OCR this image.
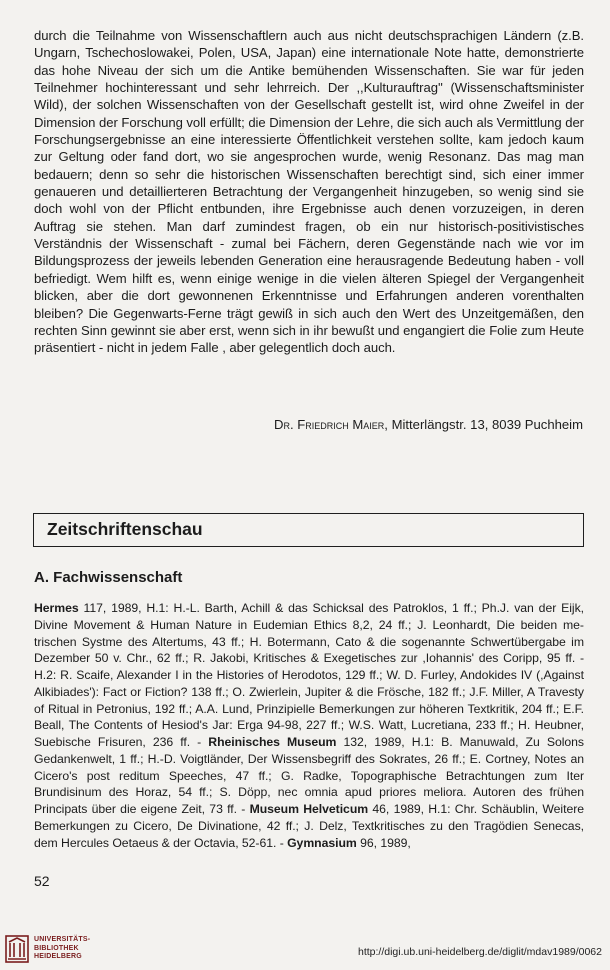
durch die Teilnahme von Wissenschaftlern auch aus nicht deutschsprachigen Ländern (z.B. Ungarn, Tschechoslowakei, Polen, USA, Japan) eine internationale Note hatte, demonstrierte das hohe Niveau der sich um die Antike bemühenden Wissenschaften. Sie war für jeden Teilnehmer hochinteressant und sehr lehrreich. Der ,,Kulturauftrag'' (Wissenschaftsminister Wild), der solchen Wissenschaften von der Gesellschaft gestellt ist, wird ohne Zweifel in der Dimension der Forschung voll erfüllt; die Dimension der Lehre, die sich auch als Vermittlung der Forschungsergebnisse an eine interessierte Öffentlichkeit verstehen sollte, kam jedoch kaum zur Geltung oder fand dort, wo sie angesprochen wurde, wenig Resonanz. Das mag man bedauern; denn so sehr die historischen Wissenschaften berechtigt sind, sich einer immer genaueren und detaillierteren Betrachtung der Vergangenheit hinzugeben, so wenig sind sie doch wohl von der Pflicht entbunden, ihre Ergebnisse auch denen vorzuzeigen, in deren Auftrag sie stehen. Man darf zumindest fragen, ob ein nur historisch-positivistisches Verständnis der Wissenschaft - zumal bei Fächern, deren Gegenstände nach wie vor im Bildungsprozess der jeweils lebenden Generation eine herausragende Bedeutung haben - voll befriedigt. Wem hilft es, wenn einige wenige in die vielen älteren Spiegel der Vergangenheit blicken, aber die dort gewonnenen Erkenntnisse und Erfahrungen anderen vorenthalten bleiben? Die Gegenwarts-Ferne trägt gewiß in sich auch den Wert des Unzeitgemäßen, den rechten Sinn gewinnt sie aber erst, wenn sich in ihr bewußt und engangiert die Folie zum Heute präsentiert - nicht in jedem Falle , aber gelegentlich doch auch.
Dr. Friedrich Maier, Mitterlängstr. 13, 8039 Puchheim
Zeitschriftenschau
A. Fachwissenschaft
Hermes 117, 1989, H.1: H.-L. Barth, Achill & das Schicksal des Patroklos, 1 ff.; Ph.J. van der Eijk, Divine Movement & Human Nature in Eudemian Ethics 8,2, 24 ff.; J. Leonhardt, Die beiden metrischen Systme des Altertums, 43 ff.; H. Botermann, Cato & die sogenannte Schwertübergabe im Dezember 50 v. Chr., 62 ff.; R. Jakobi, Kritisches & Exegetisches zur ,Iohannis' des Coripp, 95 ff. - H.2: R. Scaife, Alexander I in the Histories of Herodotos, 129 ff.; W. D. Furley, Andokides IV (,Against Alkibiades'): Fact or Fiction? 138 ff.; O. Zwierlein, Jupiter & die Frösche, 182 ff.; J.F. Miller, A Travesty of Ritual in Petronius, 192 ff.; A.A. Lund, Prinzipielle Bemerkungen zur höheren Textkritik, 204 ff.; E.F. Beall, The Contents of Hesiod's Jar: Erga 94-98, 227 ff.; W.S. Watt, Lucretiana, 233 ff.; H. Heubner, Suebische Frisuren, 236 ff. - Rheinisches Museum 132, 1989, H.1: B. Manuwald, Zu Solons Gedankenwelt, 1 ff.; H.-D. Voigtländer, Der Wissensbegriff des Sokrates, 26 ff.; E. Cortney, Notes an Cicero's post reditum Speeches, 47 ff.; G. Radke, Topographische Betrachtungen zum Iter Brundisinum des Horaz, 54 ff.; S. Döpp, nec omnia apud priores meliora. Autoren des frühen Principats über die eigene Zeit, 73 ff. - Museum Helveticum 46, 1989, H.1: Chr. Schäublin, Weitere Bemerkungen zu Cicero, De Divinatione, 42 ff.; J. Delz, Textkritisches zu den Tragödien Senecas, dem Hercules Oetaeus & der Octavia, 52-61. - Gymnasium 96, 1989,
52
UNIVERSITÄTS-
BIBLIOTHEK
HEIDELBERG	http://digi.ub.uni-heidelberg.de/diglit/mdav1989/0062
